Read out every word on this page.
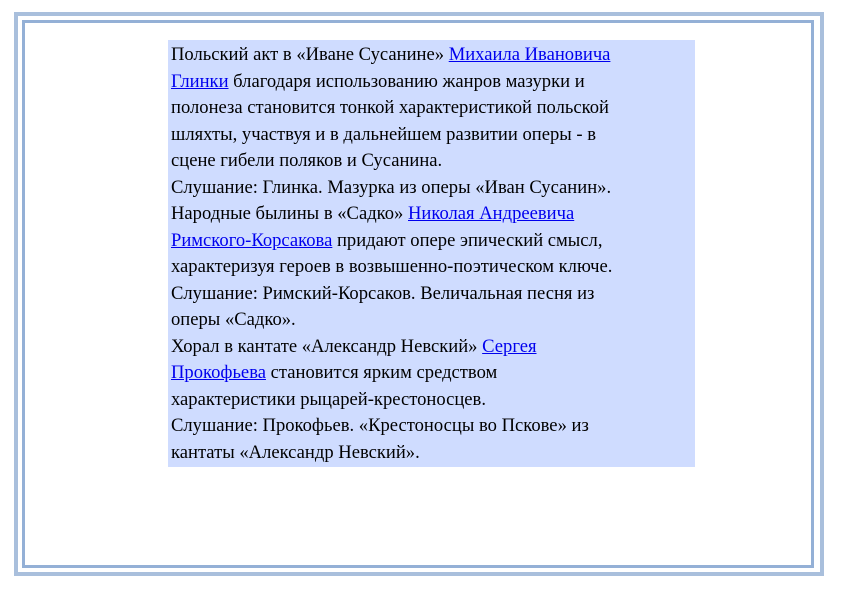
Польский акт в «Иване Сусанине» Михаила Ивановича
Глинки благодаря использованию жанров мазурки и
полонеза становится тонкой характеристикой польской
шляхты, участвуя и в дальнейшем развитии оперы - в
сцене гибели поляков и Сусанина.
Слушание: Глинка. Мазурка из оперы «Иван Сусанин».
Народные былины в «Садко» Николая Андреевича
Римского-Корсакова придают опере эпический смысл,
характеризуя героев в возвышенно-поэтическом ключе.
Слушание: Римский-Корсаков. Величальная песня из
оперы «Садко».
Хорал в кантате «Александр Невский» Сергея
Прокофьева становится ярким средством
характеристики рыцарей-крестоносцев.
Слушание: Прокофьев. «Крестоносцы во Пскове» из
кантаты «Александр Невский».
